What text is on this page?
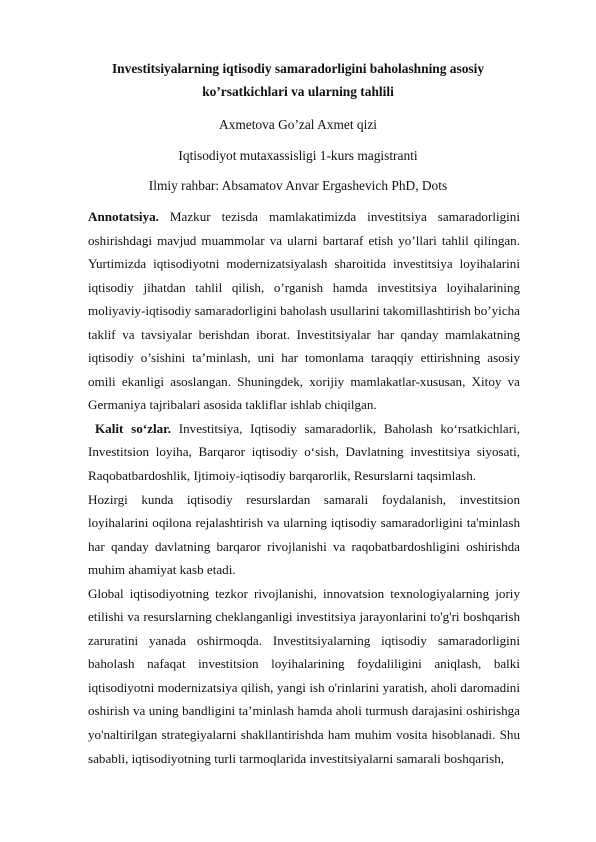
Investitsiyalarning iqtisodiy samaradorligini baholashning asosiy
ko’rsatkichlari va ularning tahlili
Axmetova Go’zal Axmet qizi
Iqtisodiyot mutaxassisligi 1-kurs magistranti
Ilmiy rahbar: Absamatov Anvar Ergashevich PhD, Dots

Annotatsiya. Mazkur tezisda mamlakatimizda investitsiya samaradorligini oshirishdagi mavjud muammolar va ularni bartaraf etish yo’llari tahlil qilingan. Yurtimizda iqtisodiyotni modernizatsiyalash sharoitida investitsiya loyihalarini iqtisodiy jihatdan tahlil qilish, o’rganish hamda investitsiya loyihalarining moliyaviy-iqtisodiy samaradorligini baholash usullarini takomillashtirish bo’yicha taklif va tavsiyalar berishdan iborat. Investitsiyalar har qanday mamlakatning iqtisodiy o’sishini ta’minlash, uni har tomonlama taraqqiy ettirishning asosiy omili ekanligi asoslangan. Shuningdek, xorijiy mamlakatlar-xususan, Xitoy va Germaniya tajribalari asosida takliflar ishlab chiqilgan.

Kalit so‘zlar. Investitsiya, Iqtisodiy samaradorlik, Baholash ko‘rsatkichlari, Investitsion loyiha, Barqaror iqtisodiy o‘sish, Davlatning investitsiya siyosati, Raqobatbardoshlik, Ijtimoiy-iqtisodiy barqarorlik, Resurslarni taqsimlash.

Hozirgi kunda iqtisodiy resurslardan samarali foydalanish, investitsion loyihalarini oqilona rejalashtirish va ularning iqtisodiy samaradorligini ta'minlash har qanday davlatning barqaror rivojlanishi va raqobatbardoshligini oshirishda muhim ahamiyat kasb etadi.

Global iqtisodiyotning tezkor rivojlanishi, innovatsion texnologiyalarning joriy etilishi va resurslarning cheklanganligi investitsiya jarayonlarini to'g'ri boshqarish zaruratini yanada oshirmoqda. Investitsiyalarning iqtisodiy samaradorligini baholash nafaqat investitsion loyihalarining foydaliligini aniqlash, balki iqtisodiyotni modernizatsiya qilish, yangi ish o'rinlarini yaratish, aholi daromadini oshirish va uning bandligini ta’minlash hamda aholi turmush darajasini oshirishga yo'naltirilgan strategiyalarni shakllantirishda ham muhim vosita hisoblanadi. Shu sababli, iqtisodiyotning turli tarmoqlarida investitsiyalarni samarali boshqarish,
